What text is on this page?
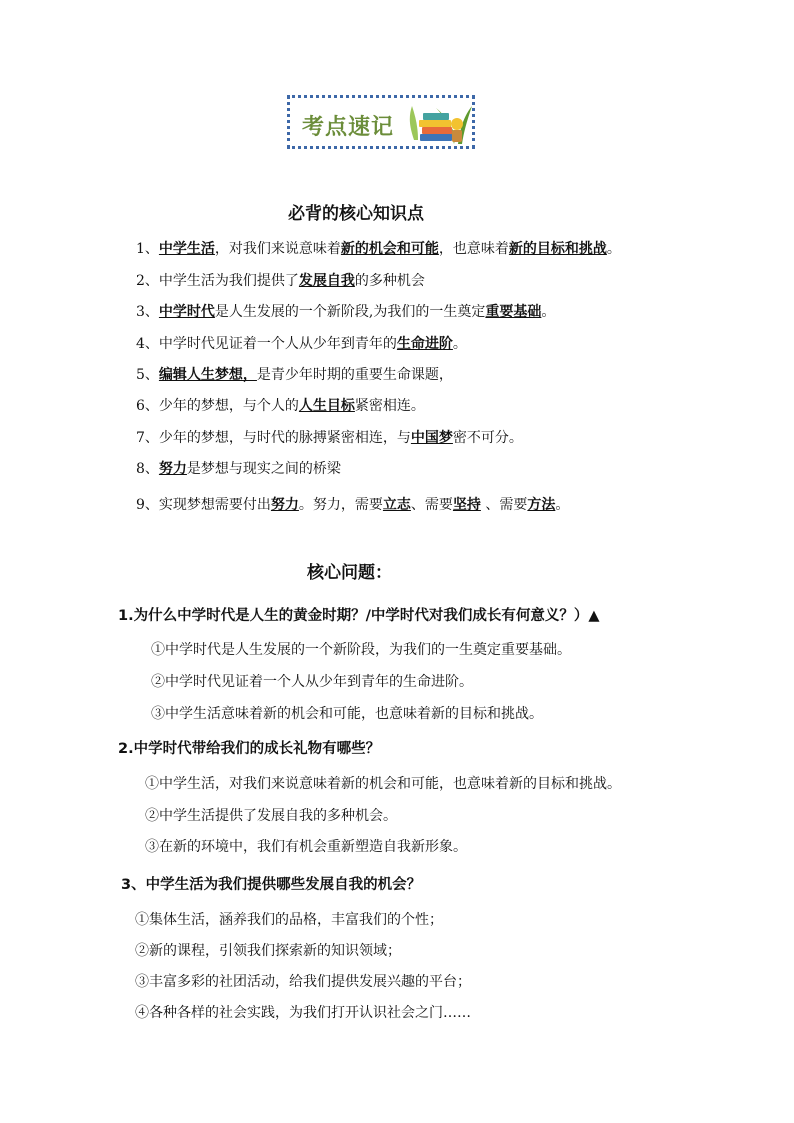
考点速记
必背的核心知识点
1、中学生活，对我们来说意味着新的机会和可能，也意味着新的目标和挑战。
2、中学生活为我们提供了发展自我的多种机会
3、中学时代是人生发展的一个新阶段,为我们的一生奠定重要基础。
4、中学时代见证着一个人从少年到青年的生命进阶。
5、编辑人生梦想，是青少年时期的重要生命课题，
6、少年的梦想，与个人的人生目标紧密相连。
7、少年的梦想，与时代的脉搏紧密相连，与中国梦密不可分。
8、努力是梦想与现实之间的桥梁
9、实现梦想需要付出努力。努力，需要立志、需要坚持 、需要方法。
核心问题：
1.为什么中学时代是人生的黄金时期？/中学时代对我们成长有何意义？）▲
①中学时代是人生发展的一个新阶段，为我们的一生奠定重要基础。
②中学时代见证着一个人从少年到青年的生命进阶。
③中学生活意味着新的机会和可能，也意味着新的目标和挑战。
2.中学时代带给我们的成长礼物有哪些？
①中学生活，对我们来说意味着新的机会和可能，也意味着新的目标和挑战。
②中学生活提供了发展自我的多种机会。
③在新的环境中，我们有机会重新塑造自我新形象。
3、中学生活为我们提供哪些发展自我的机会？
①集体生活，涵养我们的品格，丰富我们的个性；
②新的课程，引领我们探索新的知识领域；
③丰富多彩的社团活动，给我们提供发展兴趣的平台；
④各种各样的社会实践，为我们打开认识社会之门……
